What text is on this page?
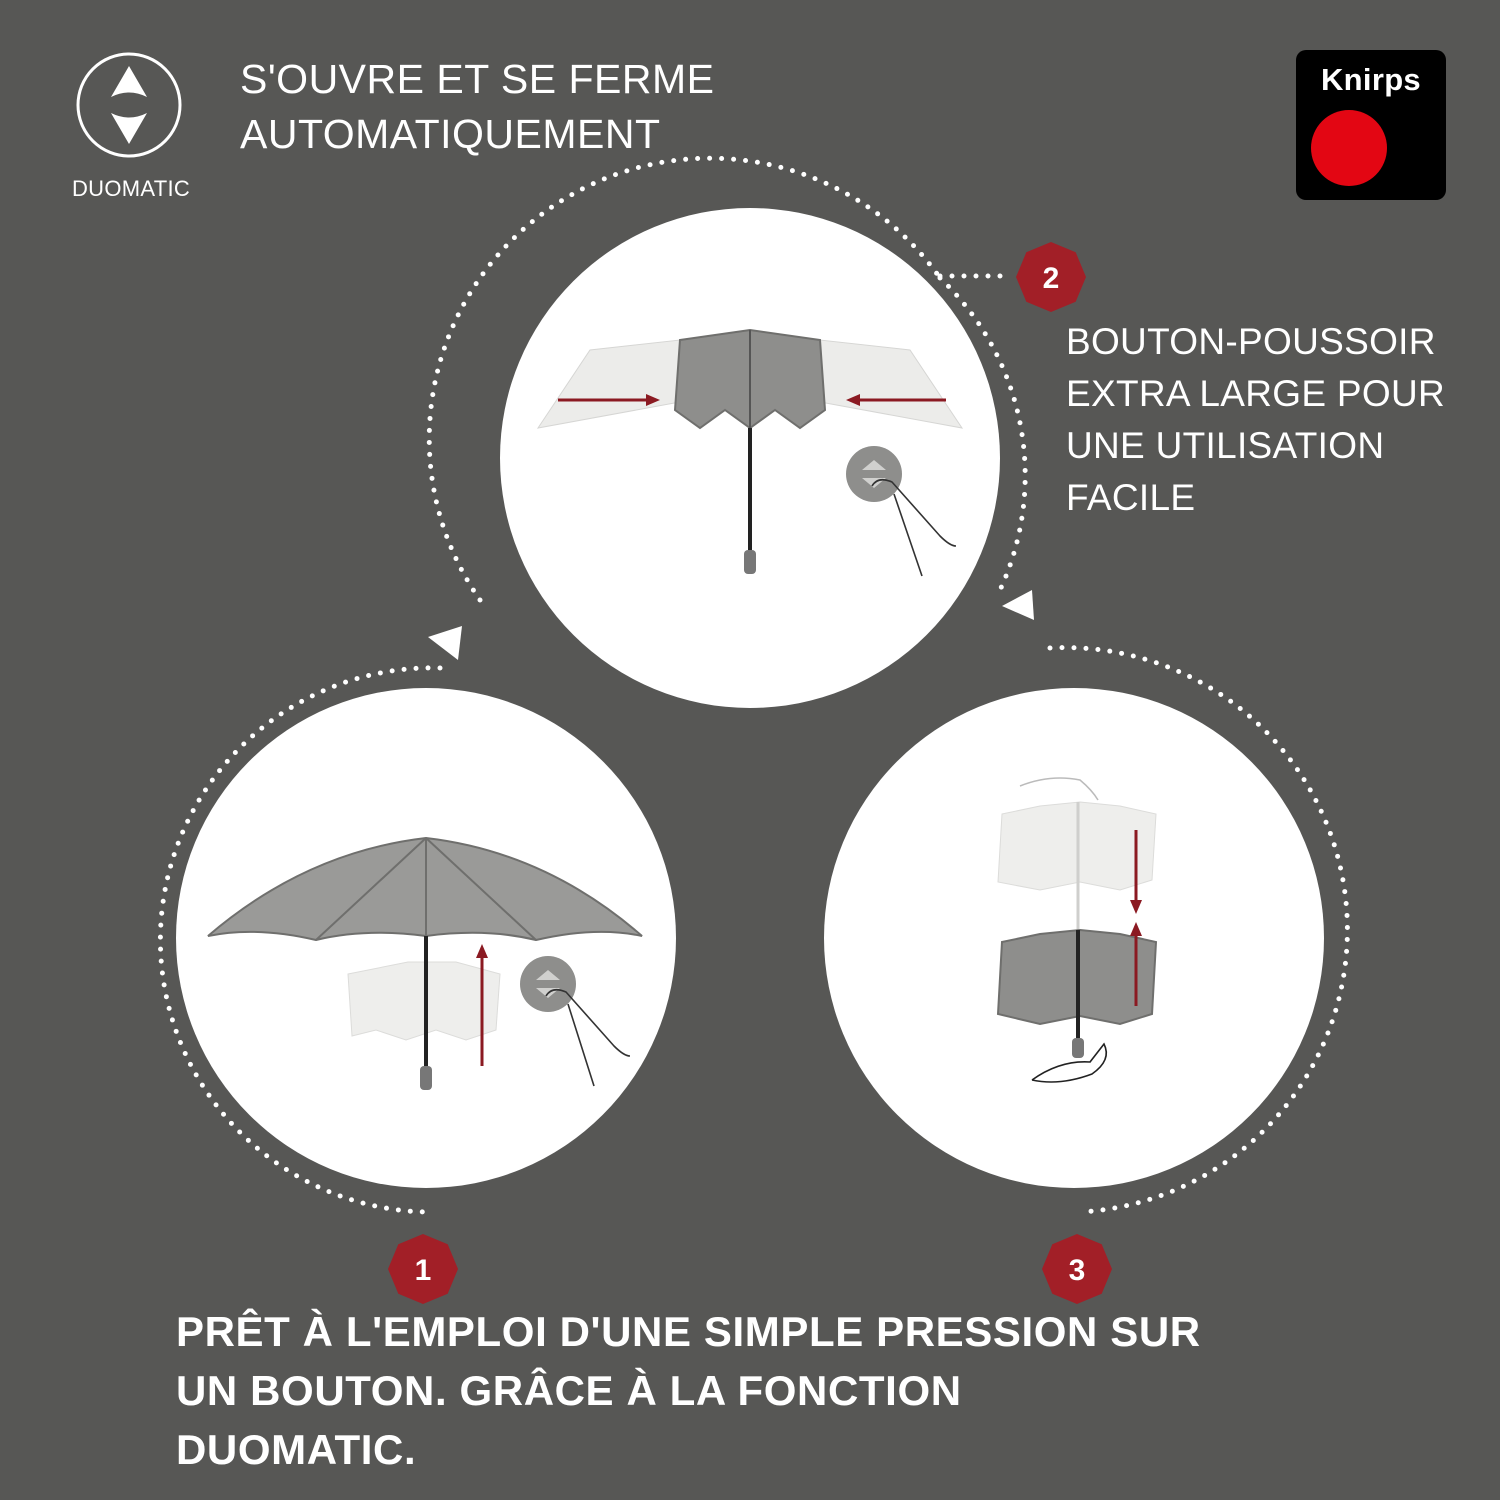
DUOMATIC
S'OUVRE ET SE FERME
AUTOMATIQUEMENT
Knirps
2
1	3
BOUTON-POUSSOIR
EXTRA LARGE POUR
UNE UTILISATION
FACILE
PRÊT À L'EMPLOI D'UNE SIMPLE PRESSION SUR
UN BOUTON. GRÂCE À LA FONCTION
DUOMATIC.
